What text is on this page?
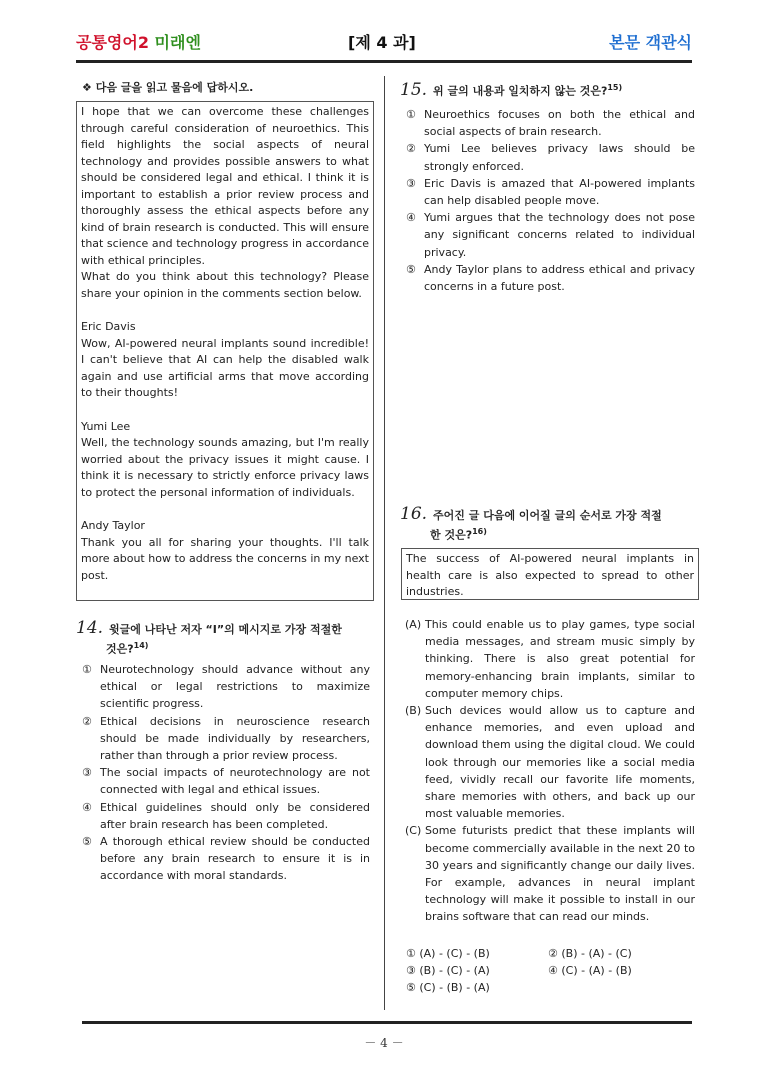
공통영어2 미래엔	[제 4 과]	본문 객관식
❖ 다음 글을 읽고 물음에 답하시오.

I hope that we can overcome these challenges through careful consideration of neuroethics. This field highlights the social aspects of neural technology and provides possible answers to what should be considered legal and ethical. I think it is important to establish a prior review process and thoroughly assess the ethical aspects before any kind of brain research is conducted. This will ensure that science and technology progress in accordance with ethical principles.

What do you think about this technology? Please share your opinion in the comments section below.

Eric Davis

Wow, AI-powered neural implants sound incredible! I can't believe that AI can help the disabled walk again and use artificial arms that move according to their thoughts!

Yumi Lee

Well, the technology sounds amazing, but I'm really worried about the privacy issues it might cause. I think it is necessary to strictly enforce privacy laws to protect the personal information of individuals.

Andy Taylor

Thank you all for sharing your thoughts. I'll talk more about how to address the concerns in my next post.

14. 윗글에 나타난 저자 “I”의 메시지로 가장 적절한
것은?$^{14)}$
① Neurotechnology should advance without any ethical or legal restrictions to maximize scientific progress.
② Ethical decisions in neuroscience research should be made individually by researchers, rather than through a prior review process.
③ The social impacts of neurotechnology are not connected with legal and ethical issues.
④ Ethical guidelines should only be considered after brain research has been completed.
⑤ A thorough ethical review should be conducted before any brain research to ensure it is in accordance with moral standards.
15. 위 글의 내용과 일치하지 않는 것은?$^{15)}$
① Neuroethics focuses on both the ethical and social aspects of brain research.
② Yumi Lee believes privacy laws should be strongly enforced.
③ Eric Davis is amazed that AI-powered implants can help disabled people move.
④ Yumi argues that the technology does not pose any significant concerns related to individual privacy.
⑤ Andy Taylor plans to address ethical and privacy concerns in a future post.
16. 주어진 글 다음에 이어질 글의 순서로 가장 적절
한 것은?$^{16)}$

The success of AI-powered neural implants in health care is also expected to spread to other industries.

(A) This could enable us to play games, type social media messages, and stream music simply by thinking. There is also great potential for memory-enhancing brain implants, similar to computer memory chips.
(B) Such devices would allow us to capture and enhance memories, and even upload and download them using the digital cloud. We could look through our memories like a social media feed, vividly recall our favorite life moments, share memories with others, and back up our most valuable memories.
(C) Some futurists predict that these implants will become commercially available in the next 20 to 30 years and significantly change our daily lives. For example, advances in neural implant technology will make it possible to install in our brains software that can read our minds.
① (A) - (C) - (B)	② (B) - (A) - (C)
③ (B) - (C) - (A)	④ (C) - (A) - (B)
⑤ (C) - (B) - (A)
－ 4 －
